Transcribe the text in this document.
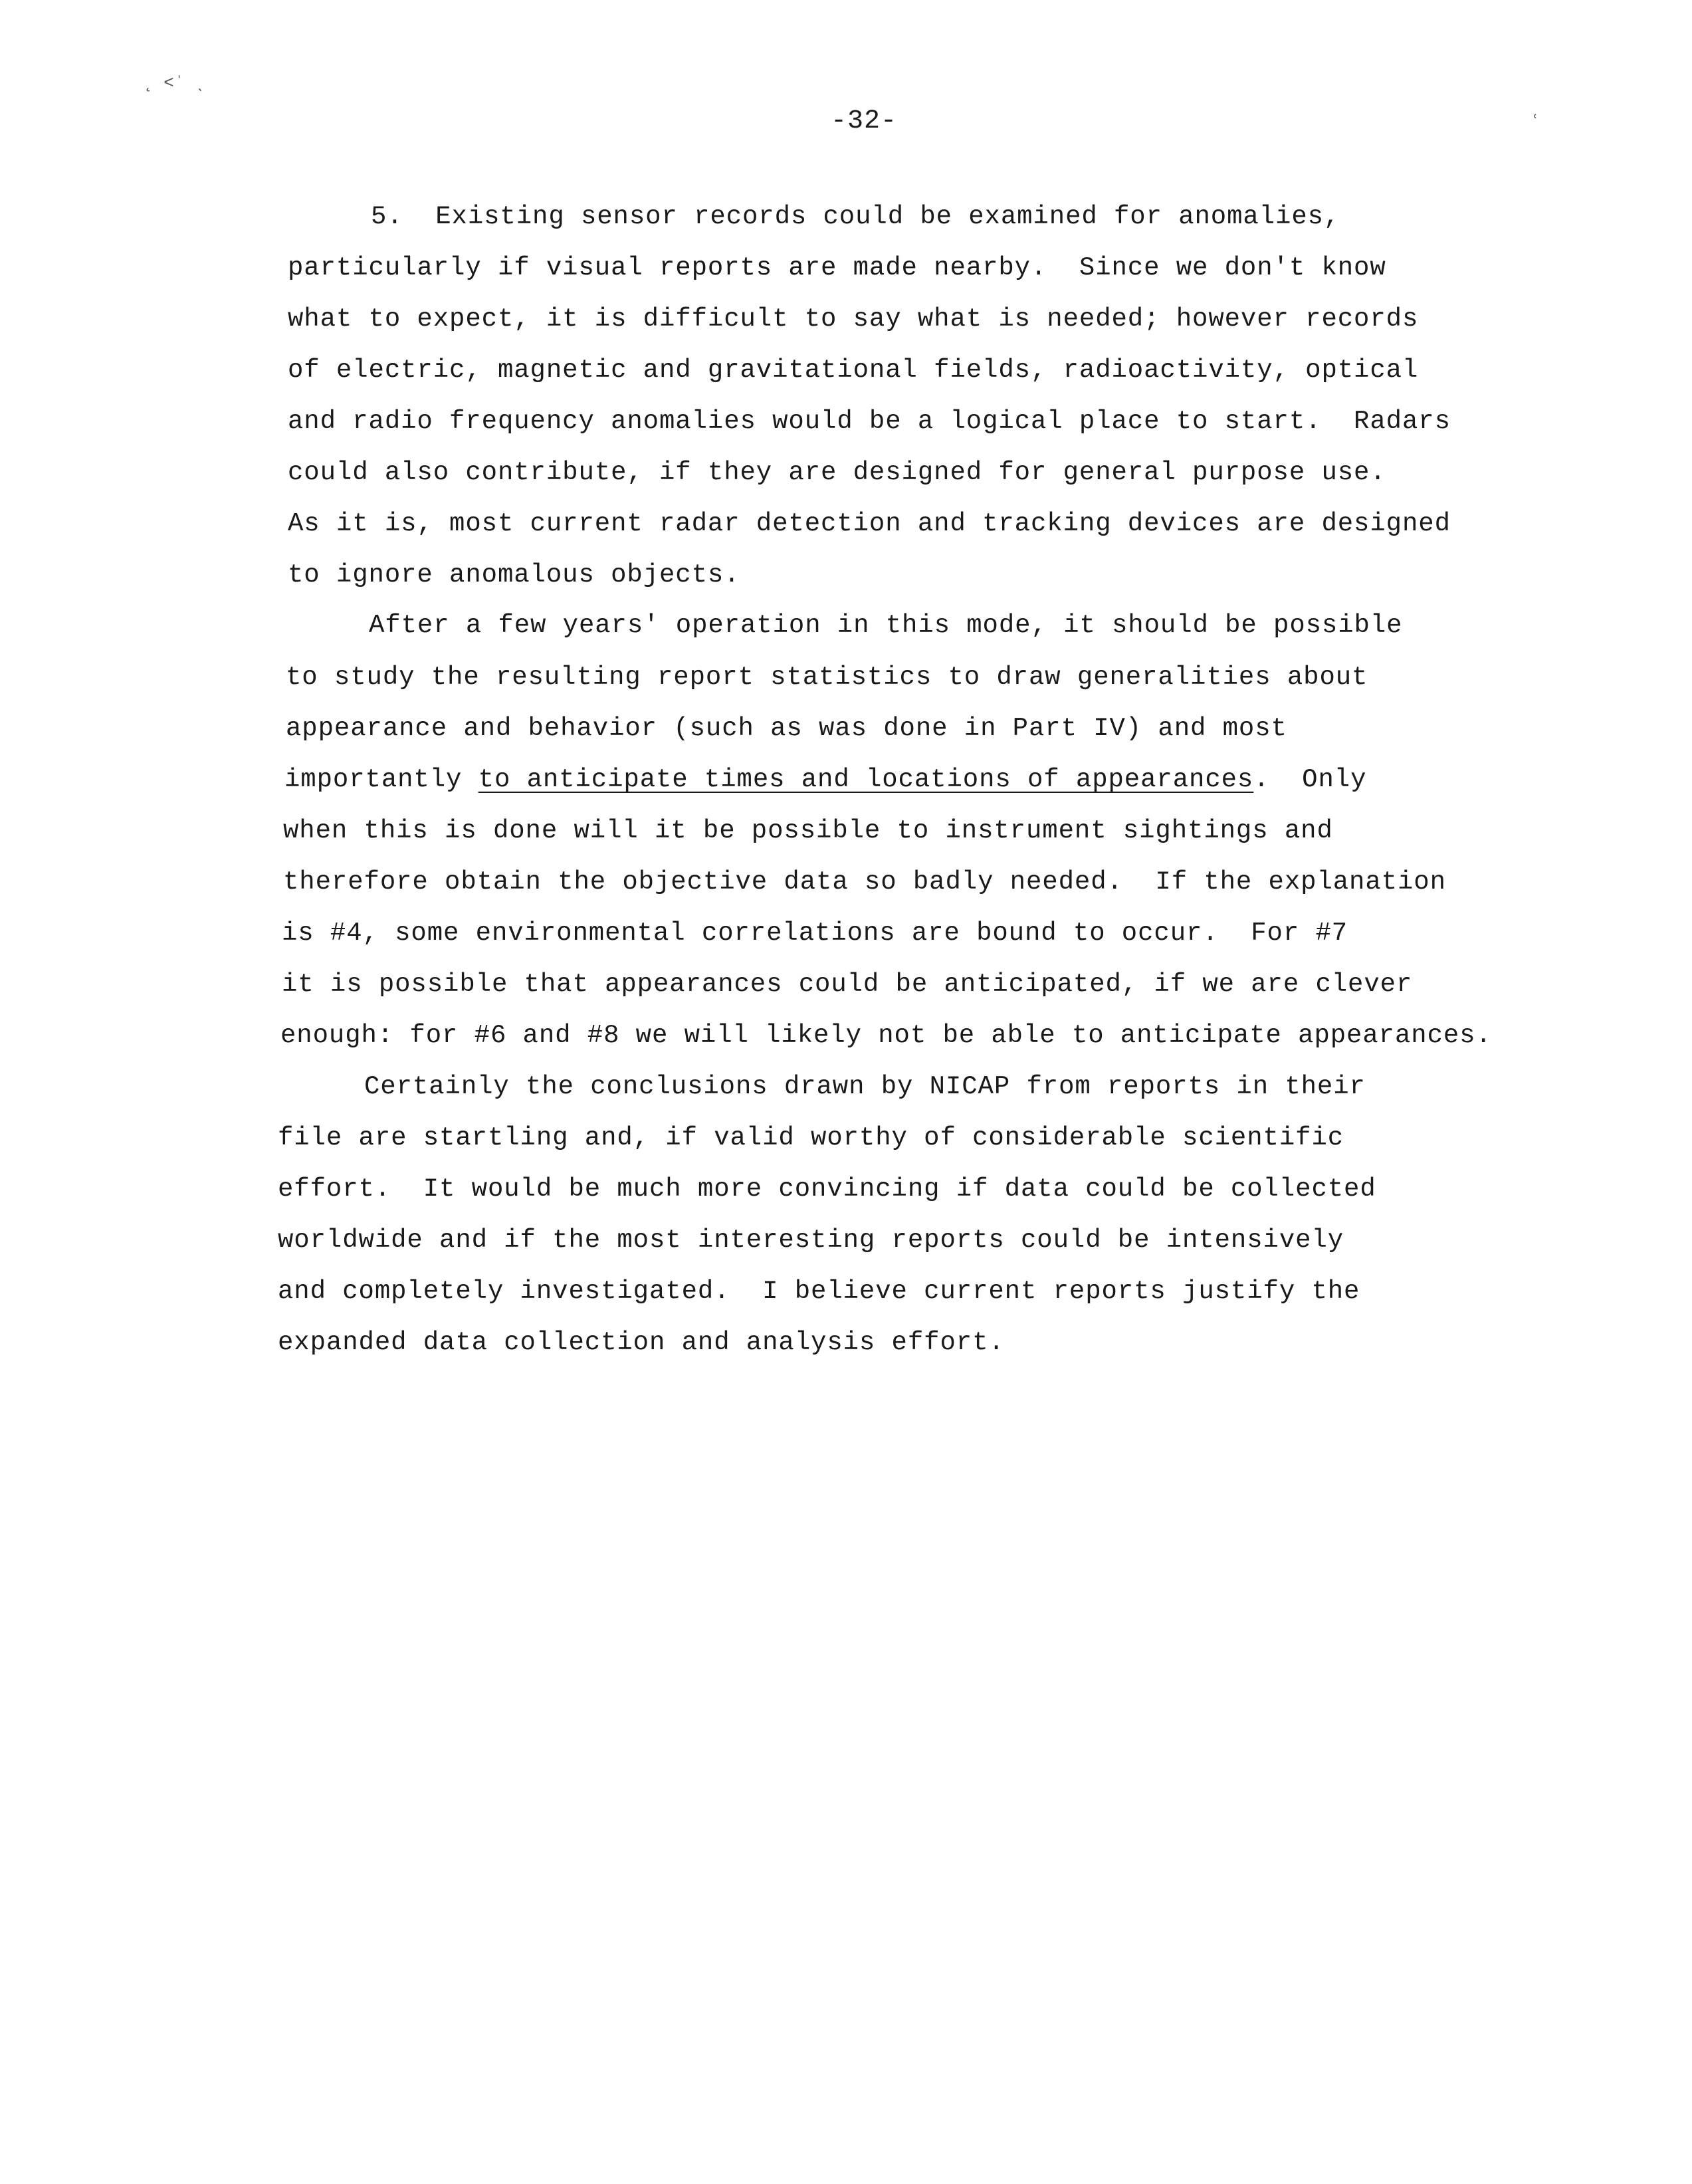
˛ ˂ˈ ˎ
ʿ
-32-
5.  Existing sensor records could be examined for anomalies,
particularly if visual reports are made nearby.  Since we don't know
what to expect, it is difficult to say what is needed; however records
of electric, magnetic and gravitational fields, radioactivity, optical
and radio frequency anomalies would be a logical place to start.  Radars
could also contribute, if they are designed for general purpose use.
As it is, most current radar detection and tracking devices are designed
to ignore anomalous objects.
After a few years' operation in this mode, it should be possible
to study the resulting report statistics to draw generalities about
appearance and behavior (such as was done in Part IV) and most
importantly to anticipate times and locations of appearances.  Only
when this is done will it be possible to instrument sightings and
therefore obtain the objective data so badly needed.  If the explanation
is #4, some environmental correlations are bound to occur.  For #7
it is possible that appearances could be anticipated, if we are clever
enough: for #6 and #8 we will likely not be able to anticipate appearances.
Certainly the conclusions drawn by NICAP from reports in their
file are startling and, if valid worthy of considerable scientific
effort.  It would be much more convincing if data could be collected
worldwide and if the most interesting reports could be intensively
and completely investigated.  I believe current reports justify the
expanded data collection and analysis effort.
